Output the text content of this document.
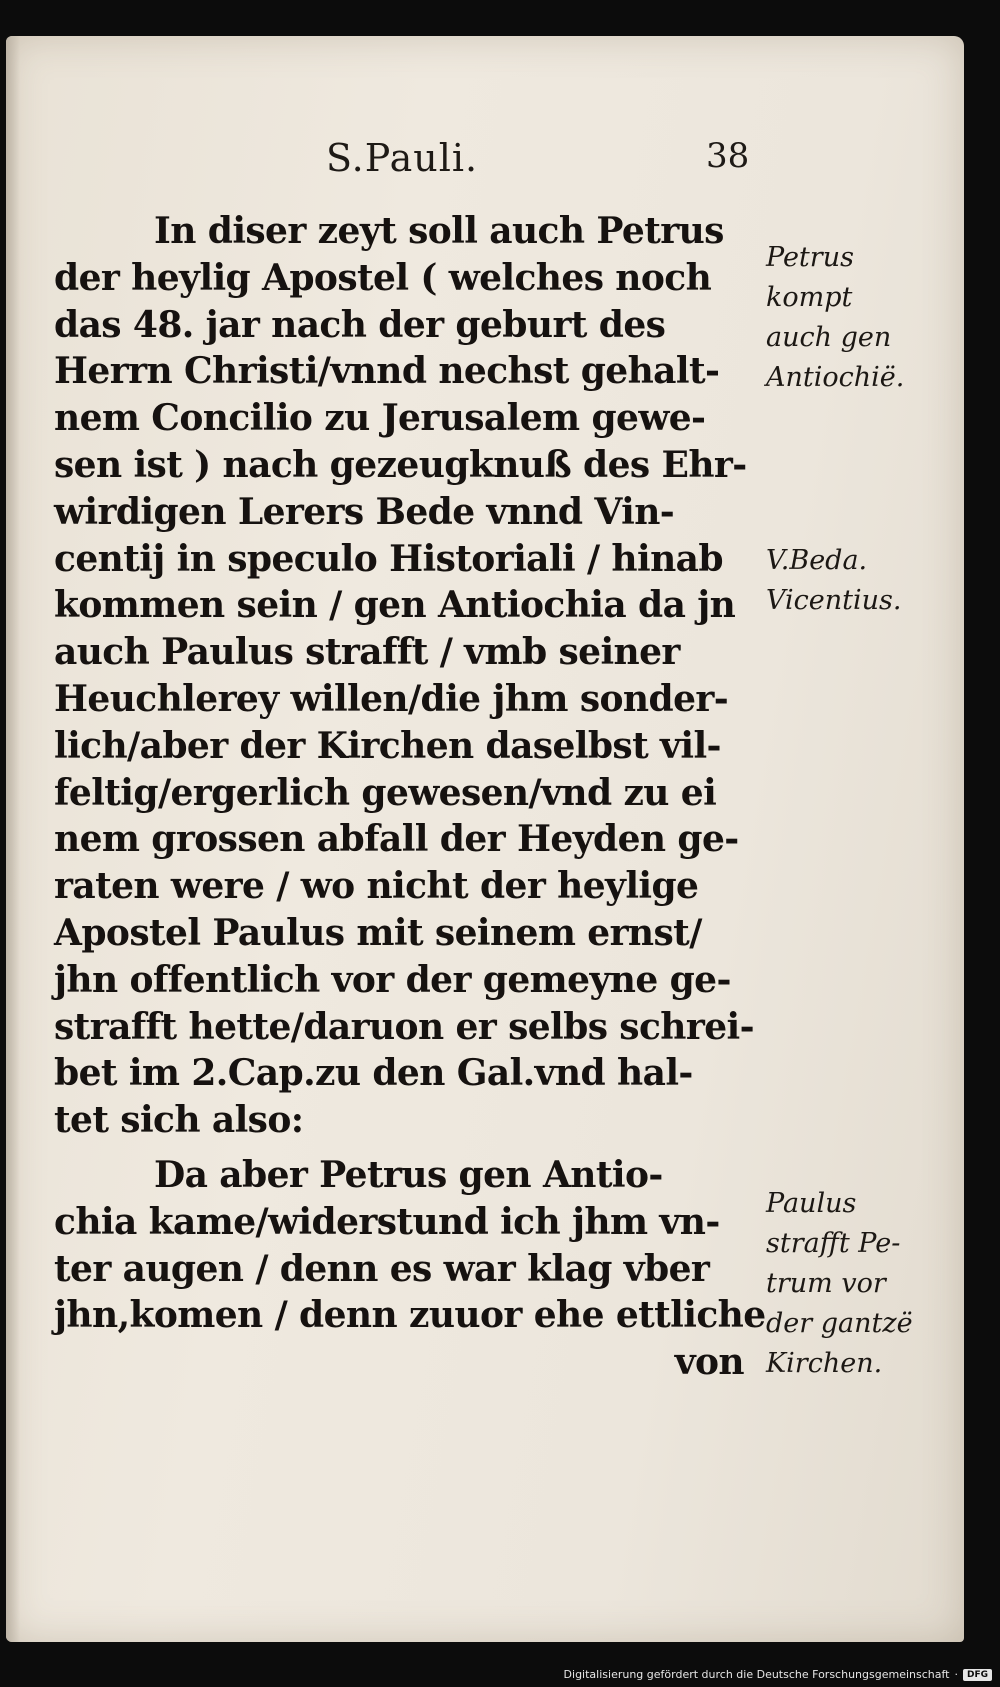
S.Pauli.	38
In diser zeyt soll auch Petrus
der heylig Apostel ( welches noch
das 48. jar nach der geburt des
Herrn Christi/vnnd nechst gehalt-
nem Concilio zu Jerusalem gewe-
sen ist ) nach gezeugknuß des Ehr-
wirdigen Lerers Bede vnnd Vin-
centij in speculo Historiali / hinab
kommen sein / gen Antiochia da jn
auch Paulus strafft / vmb seiner
Heuchlerey willen/die jhm sonder-
lich/aber der Kirchen daselbst vil-
feltig/ergerlich gewesen/vnd zu ei
nem grossen abfall der Heyden ge-
raten were / wo nicht der heylige
Apostel Paulus mit seinem ernst/
jhn offentlich vor der gemeyne ge-
strafft hette/daruon er selbs schrei-
bet im 2.Cap.zu den Gal.vnd hal-
tet sich also:
Da aber Petrus gen Antio-
chia kame/widerstund ich jhm vn-
ter augen / denn es war klag vber
jhn,komen / denn zuuor ehe ettliche
von
Petrus
kompt
auch gen
Antiochië.
V.Beda.
Vicentius.
Paulus
strafft Pe-
trum vor
der gantzë
Kirchen.
Digitalisierung gefördert durch die Deutsche Forschungsgemeinschaft ·	DFG
